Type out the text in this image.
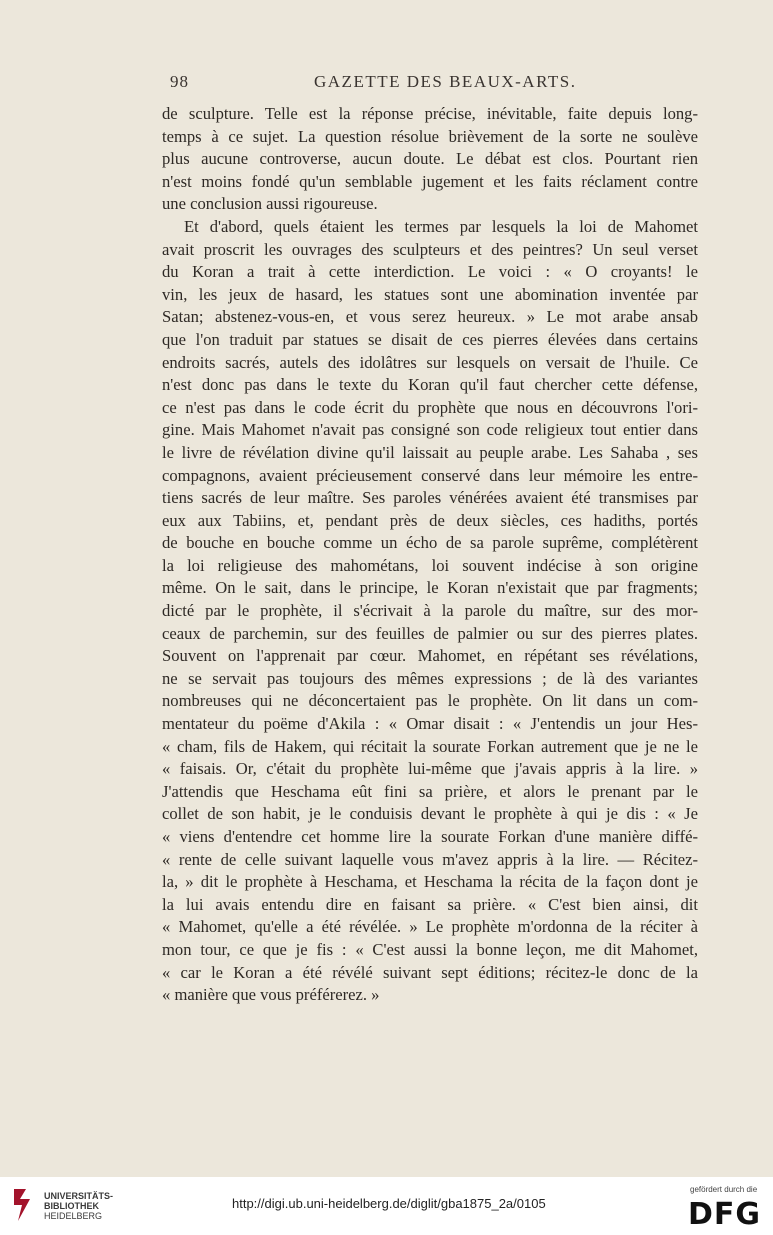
98	GAZETTE DES BEAUX-ARTS.
de sculpture. Telle est la réponse précise, inévitable, faite depuis long-
temps à ce sujet. La question résolue brièvement de la sorte ne soulève
plus aucune controverse, aucun doute. Le débat est clos. Pourtant rien
n'est moins fondé qu'un semblable jugement et les faits réclament contre
une conclusion aussi rigoureuse.
Et d'abord, quels étaient les termes par lesquels la loi de Mahomet
avait proscrit les ouvrages des sculpteurs et des peintres? Un seul verset
du Koran a trait à cette interdiction. Le voici : « O croyants! le
vin, les jeux de hasard, les statues sont une abomination inventée par
Satan; abstenez-vous-en, et vous serez heureux. » Le mot arabe ansab
que l'on traduit par statues se disait de ces pierres élevées dans certains
endroits sacrés, autels des idolâtres sur lesquels on versait de l'huile. Ce
n'est donc pas dans le texte du Koran qu'il faut chercher cette défense,
ce n'est pas dans le code écrit du prophète que nous en découvrons l'ori-
gine. Mais Mahomet n'avait pas consigné son code religieux tout entier dans
le livre de révélation divine qu'il laissait au peuple arabe. Les Sahaba , ses
compagnons, avaient précieusement conservé dans leur mémoire les entre-
tiens sacrés de leur maître. Ses paroles vénérées avaient été transmises par
eux aux Tabiins, et, pendant près de deux siècles, ces hadiths, portés
de bouche en bouche comme un écho de sa parole suprême, complétèrent
la loi religieuse des mahométans, loi souvent indécise à son origine
même. On le sait, dans le principe, le Koran n'existait que par fragments;
dicté par le prophète, il s'écrivait à la parole du maître, sur des mor-
ceaux de parchemin, sur des feuilles de palmier ou sur des pierres plates.
Souvent on l'apprenait par cœur. Mahomet, en répétant ses révélations,
ne se servait pas toujours des mêmes expressions ; de là des variantes
nombreuses qui ne déconcertaient pas le prophète. On lit dans un com-
mentateur du poëme d'Akila : « Omar disait : « J'entendis un jour Hes-
« cham, fils de Hakem, qui récitait la sourate Forkan autrement que je ne le
« faisais. Or, c'était du prophète lui-même que j'avais appris à la lire. »
J'attendis que Heschama eût fini sa prière, et alors le prenant par le
collet de son habit, je le conduisis devant le prophète à qui je dis : « Je
« viens d'entendre cet homme lire la sourate Forkan d'une manière diffé-
« rente de celle suivant laquelle vous m'avez appris à la lire. — Récitez-
la, » dit le prophète à Heschama, et Heschama la récita de la façon dont je
la lui avais entendu dire en faisant sa prière. « C'est bien ainsi, dit
« Mahomet, qu'elle a été révélée. » Le prophète m'ordonna de la réciter à
mon tour, ce que je fis : « C'est aussi la bonne leçon, me dit Mahomet,
« car le Koran a été révélé suivant sept éditions; récitez-le donc de la
« manière que vous préférerez. »
UNIVERSITÄTS-
BIBLIOTHEK
HEIDELBERG
http://digi.ub.uni-heidelberg.de/diglit/gba1875_2a/0105
gefördert durch die
DFG
